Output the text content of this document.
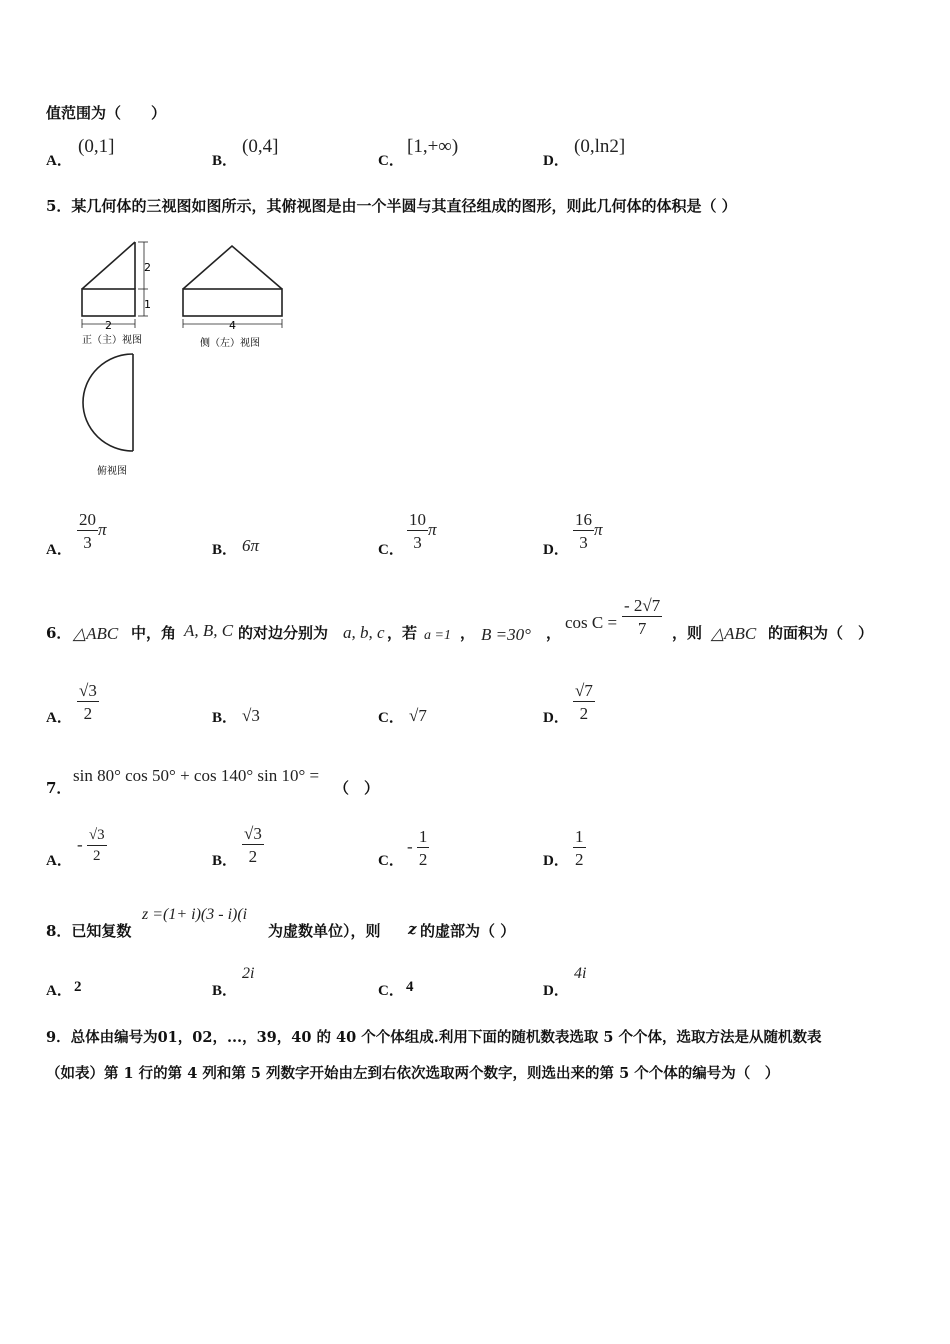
值范围为（　　）
A．
(0,1]
B．
(0,4]
C．
[1,+∞)
D．
(0,ln2]
5．某几何体的三视图如图所示，其俯视图是由一个半圆与其直径组成的图形，则此几何体的体积是（ ）
2
1
2
正（主）视图
4
侧（左）视图
俯视图
A． $\frac{20}{3}$ π
B． 6π	C． $\frac{10}{3}$ π
D． $\frac{16}{3}$ π
6． △ABC 中，角 A, B, C 的对边分别为 a, b, c ，若 a =1 ， B =30° ，
$\cos C = \frac{- 2√7}{7}$ ，则 △ABC 的面积为（　）
A． $\frac{√3}{2}$	B． √3	C． √7	D． $\frac{√7}{2}$
7．
sin 80° cos 50° + cos 140° sin 10° =
（　）
A．
- $\frac{√3}{2}$	B． $\frac{√3}{2}$	C．
- $\frac{1}{2}$	D． $\frac{1}{2}$
8．已知复数
z =(1+ i)(3 - i)(i
为虚数单位），则 z 的虚部为（ ）
A． 2	B．
2i
C． 4	D．
4i
9．总体由编号为01，02，...，39，40 的 40 个个体组成.利用下面的随机数表选取 5 个个体，选取方法是从随机数表
（如表）第 1 行的第 4 列和第 5 列数字开始由左到右依次选取两个数字，则选出来的第 5 个个体的编号为（　）
